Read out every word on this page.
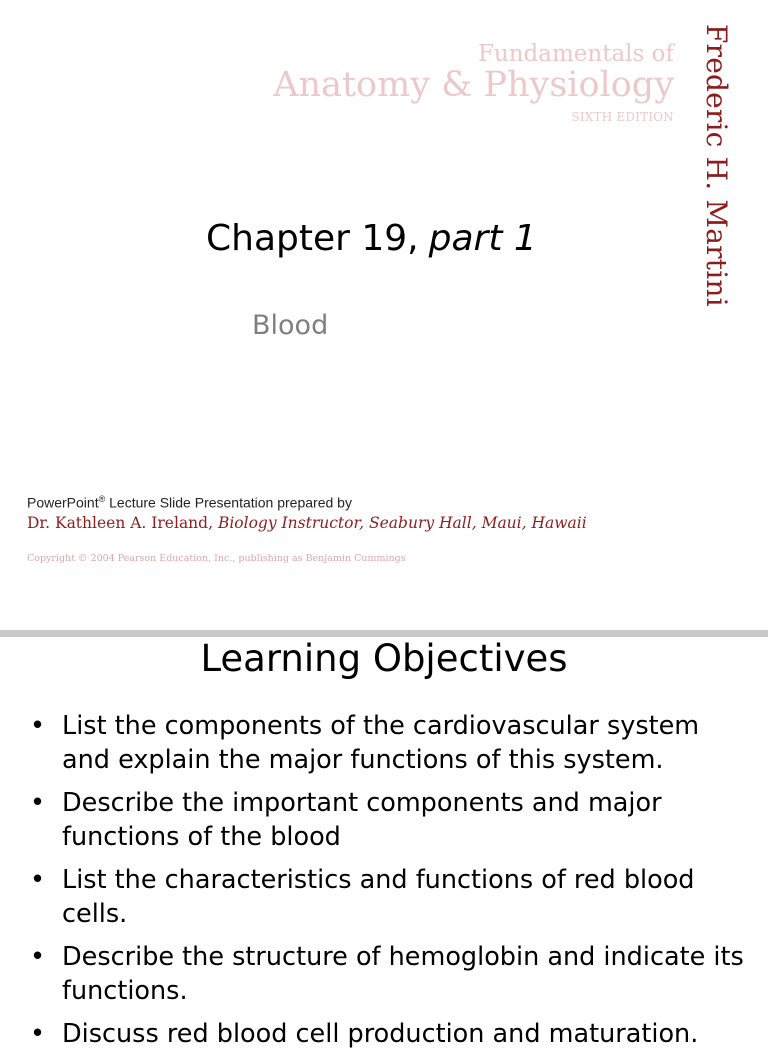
Fundamentals of
Anatomy & Physiology
SIXTH EDITION Frederic H. Martini
Chapter 19, part 1
Blood
PowerPoint® Lecture Slide Presentation prepared by
Dr. Kathleen A. Ireland, Biology Instructor, Seabury Hall, Maui, Hawaii
Copyright © 2004 Pearson Education, Inc., publishing as Benjamin Cummings
Learning Objectives
• List the components of the cardiovascular system and explain the major functions of this system.
• Describe the important components and major functions of the blood
• List the characteristics and functions of red blood cells.
• Describe the structure of hemoglobin and indicate its functions.
• Discuss red blood cell production and maturation.
